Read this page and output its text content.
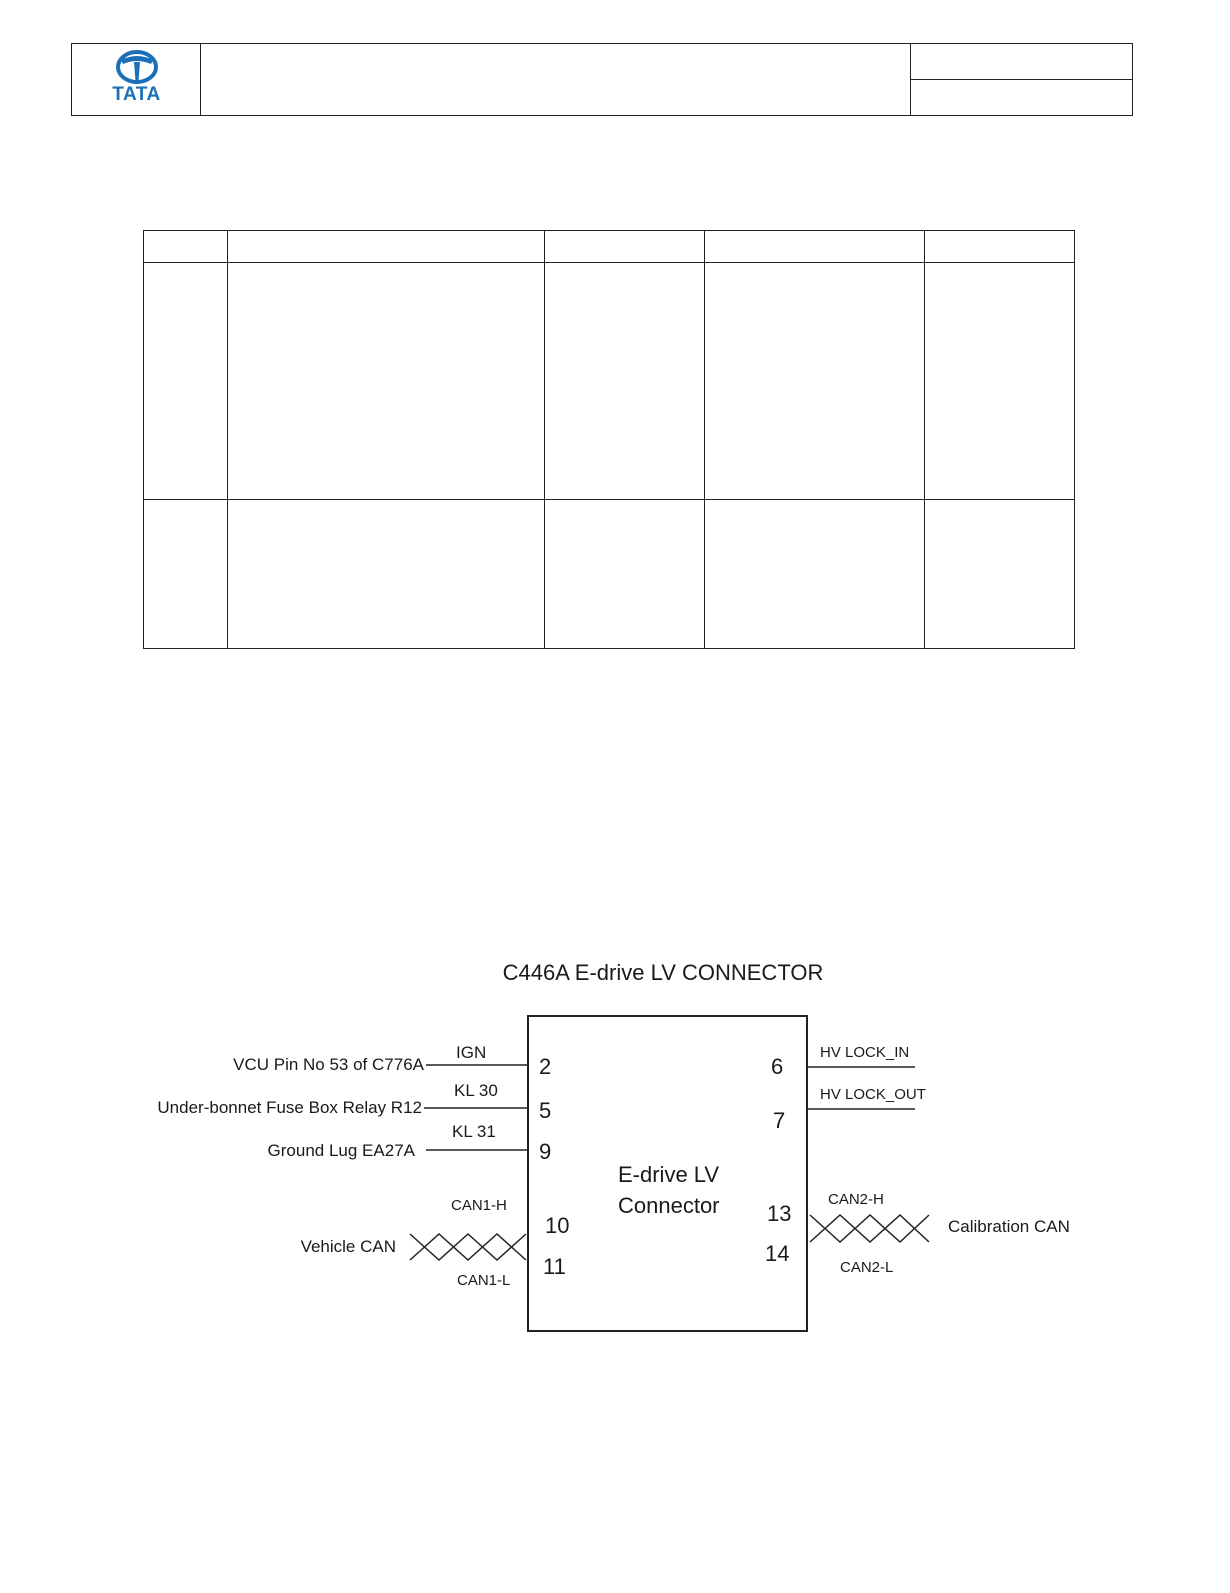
TATA
C446A E-drive LV CONNECTOR
E-drive LV
Connector
VCU Pin No 53 of C776A
Under-bonnet Fuse Box Relay R12
Ground Lug EA27A
IGN
KL 30
KL 31
2
5
9
Vehicle CAN
CAN1-H
CAN1-L
10
11
HV LOCK_IN
HV LOCK_OUT
6
7
Calibration CAN
CAN2-H
CAN2-L
13
14
